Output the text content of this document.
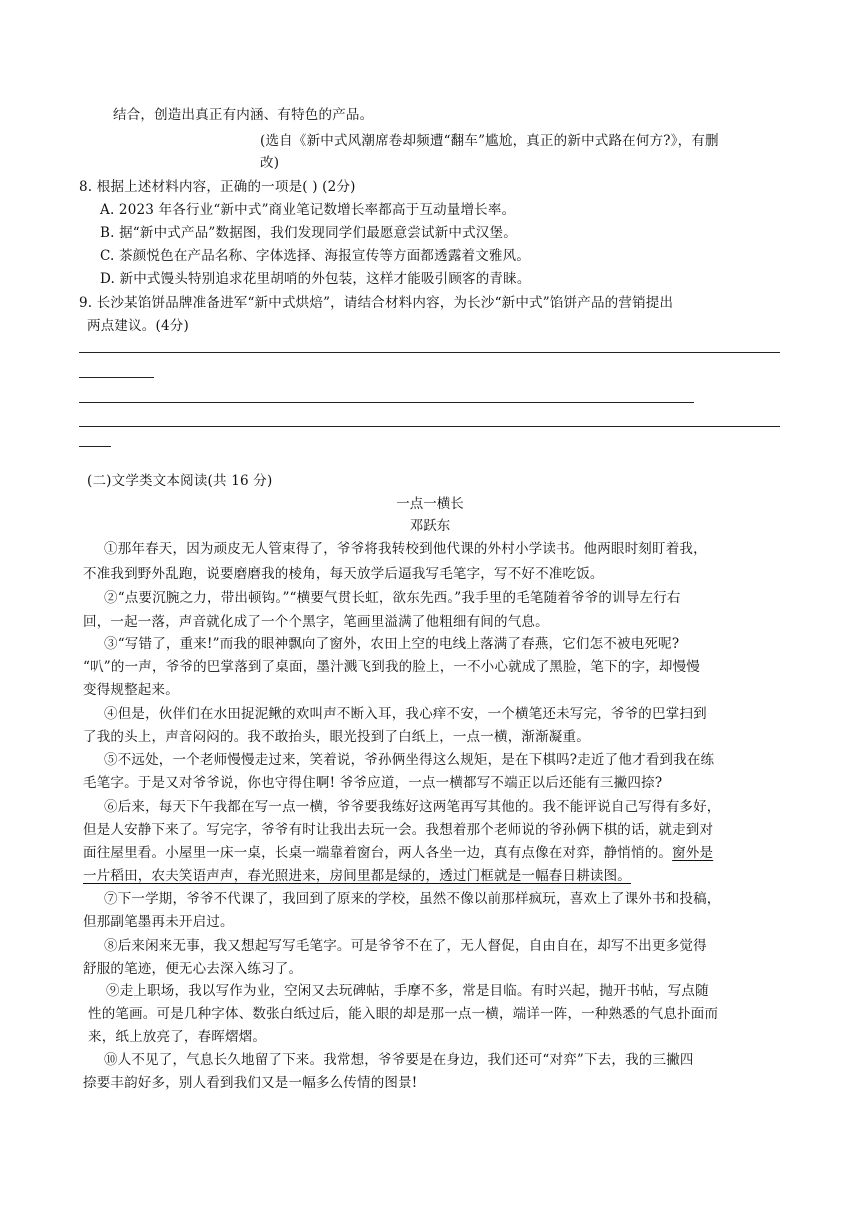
结合，创造出真正有内涵、有特色的产品。
(选自《新中式风潮席卷却频遭“翻车”尴尬，真正的新中式路在何方?》，有删
改)
8. 根据上述材料内容，正确的一项是( ) (2分)
A. 2023 年各行业“新中式”商业笔记数增长率都高于互动量增长率。
B. 据“新中式产品”数据图，我们发现同学们最愿意尝试新中式汉堡。
C. 茶颜悦色在产品名称、字体选择、海报宣传等方面都透露着文雅风。
D. 新中式馒头特别追求花里胡哨的外包装，这样才能吸引顾客的青睐。
9. 长沙某馅饼品牌准备进军“新中式烘焙”，请结合材料内容，为长沙“新中式”馅饼产品的营销提出
两点建议。(4分)
(二)文学类文本阅读(共 16 分)
一点一横长
邓跃东
①那年春天，因为顽皮无人管束得了，爷爷将我转校到他代课的外村小学读书。他两眼时刻盯着我，
不准我到野外乱跑，说要磨磨我的棱角，每天放学后逼我写毛笔字，写不好不准吃饭。
②“点要沉腕之力，带出顿钩。”“横要气贯长虹，欲东先西。”我手里的毛笔随着爷爷的训导左行右
回，一起一落，声音就化成了一个个黑字，笔画里溢满了他粗细有间的气息。
③“写错了，重来!”而我的眼神飘向了窗外，农田上空的电线上落满了春燕，它们怎不被电死呢?
“叭”的一声，爷爷的巴掌落到了桌面，墨汁溅飞到我的脸上，一不小心就成了黑脸，笔下的字，却慢慢
变得规整起来。
④但是，伙伴们在水田捉泥鳅的欢叫声不断入耳，我心痒不安，一个横笔还未写完，爷爷的巴掌扫到
了我的头上，声音闷闷的。我不敢抬头，眼光投到了白纸上，一点一横，渐渐凝重。
⑤不远处，一个老师慢慢走过来，笑着说，爷孙俩坐得这么规矩，是在下棋吗?走近了他才看到我在练
毛笔字。于是又对爷爷说，你也守得住啊! 爷爷应道，一点一横都写不端正以后还能有三撇四捺?
⑥后来，每天下午我都在写一点一横，爷爷要我练好这两笔再写其他的。我不能评说自己写得有多好，
但是人安静下来了。写完字，爷爷有时让我出去玩一会。我想着那个老师说的爷孙俩下棋的话，就走到对
面往屋里看。小屋里一床一桌，长桌一端靠着窗台，两人各坐一边，真有点像在对弈，静悄悄的。窗外是
一片稻田，农夫笑语声声，春光照进来，房间里都是绿的，透过门框就是一幅春日耕读图。
⑦下一学期，爷爷不代课了，我回到了原来的学校，虽然不像以前那样疯玩，喜欢上了课外书和投稿，
但那副笔墨再未开启过。
⑧后来闲来无事，我又想起写写毛笔字。可是爷爷不在了，无人督促，自由自在，却写不出更多觉得
舒服的笔迹，便无心去深入练习了。
⑨走上职场，我以写作为业，空闲又去玩碑帖，手摩不多，常是目临。有时兴起，抛开书帖，写点随
性的笔画。可是几种字体、数张白纸过后，能入眼的却是那一点一横，端详一阵，一种熟悉的气息扑面而
来，纸上放亮了，春晖熠熠。
⑩人不见了，气息长久地留了下来。我常想，爷爷要是在身边，我们还可“对弈”下去，我的三撇四
捺要丰韵好多，别人看到我们又是一幅多么传情的图景!
